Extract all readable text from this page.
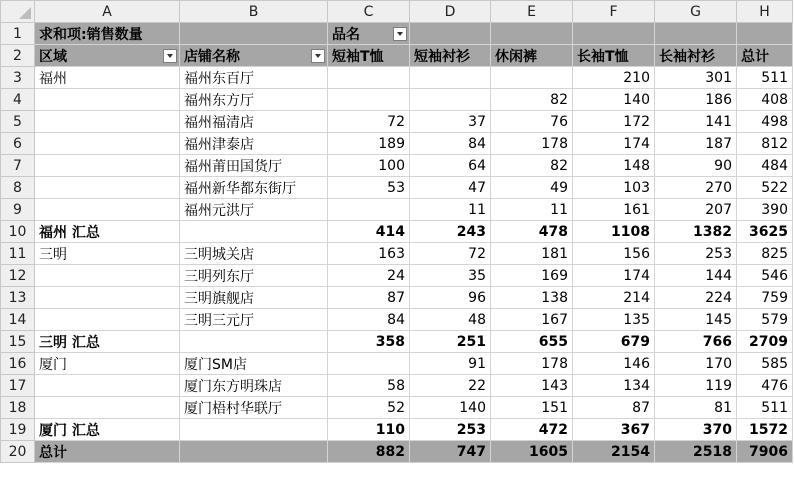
	A	B	C	D	E	F	G	H
1	求和项:销售数量		品名

2	区域	店铺名称	短袖T恤	短袖衬衫	休闲裤	长袖T恤	长袖衬衫	总计
3	福州	福州东百厅				210	301	511
4		福州东方厅			82	140	186	408
5		福州福清店	72	37	76	172	141	498
6		福州津泰店	189	84	178	174	187	812
7		福州莆田国货厅	100	64	82	148	90	484
8		福州新华都东街厅	53	47	49	103	270	522
9		福州元洪厅		11	11	161	207	390
10	福州 汇总		414	243	478	1108	1382	3625
11	三明	三明城关店	163	72	181	156	253	825
12		三明列东厅	24	35	169	174	144	546
13		三明旗舰店	87	96	138	214	224	759
14		三明三元厅	84	48	167	135	145	579
15	三明 汇总		358	251	655	679	766	2709
16	厦门	厦门SM店		91	178	146	170	585
17		厦门东方明珠店	58	22	143	134	119	476
18		厦门梧村华联厅	52	140	151	87	81	511
19	厦门 汇总		110	253	472	367	370	1572
20	总计		882	747	1605	2154	2518	7906
